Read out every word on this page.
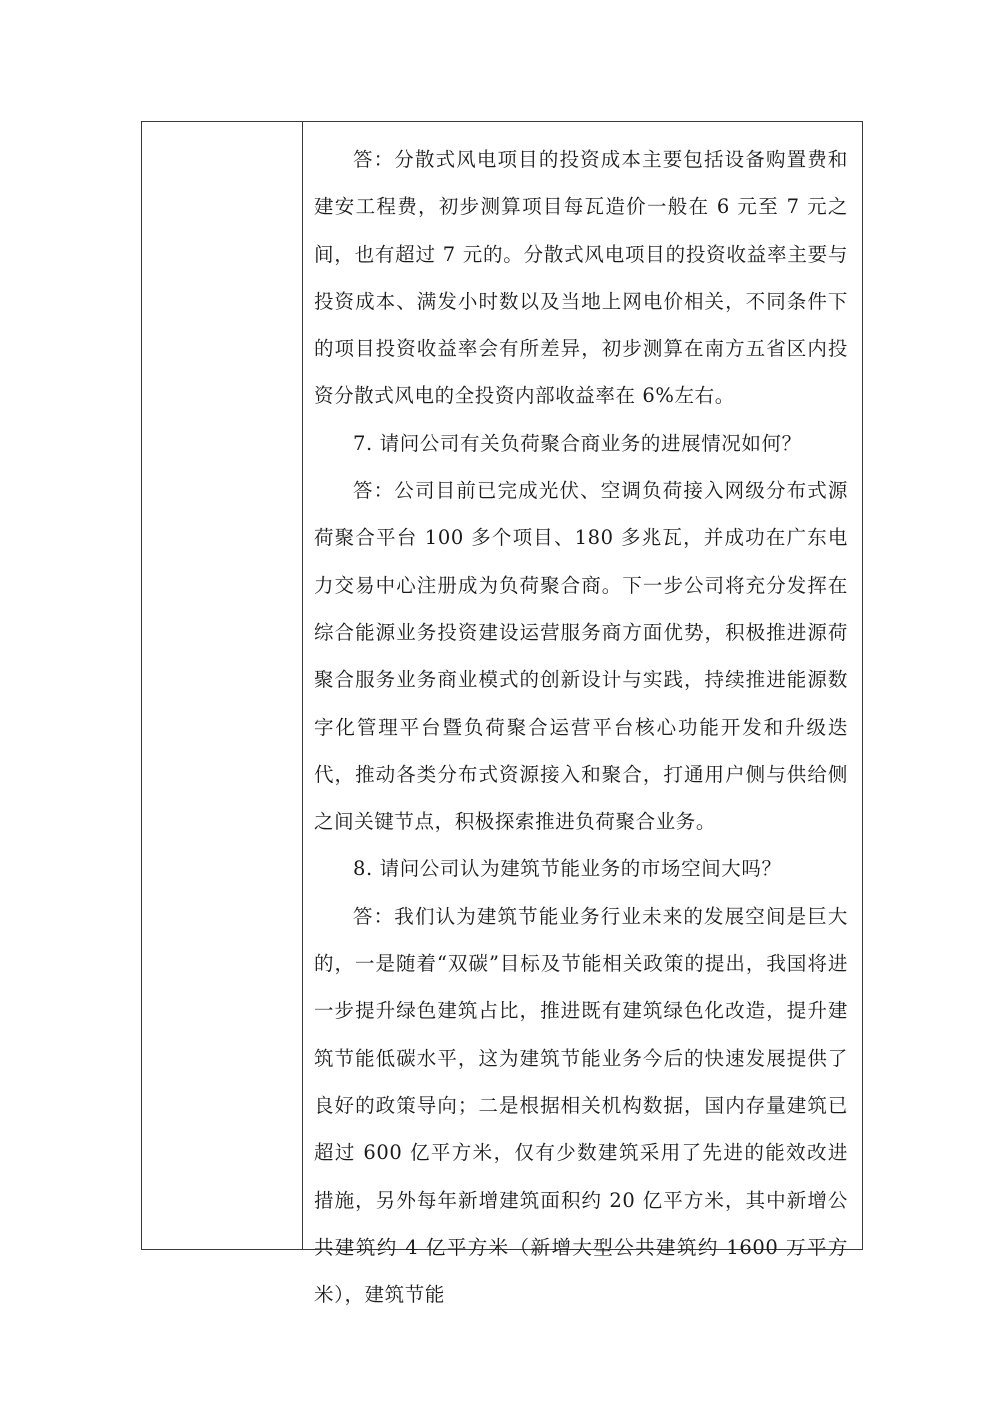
答：分散式风电项目的投资成本主要包括设备购置费和建安工程费，初步测算项目每瓦造价一般在 6 元至 7 元之间，也有超过 7 元的。分散式风电项目的投资收益率主要与投资成本、满发小时数以及当地上网电价相关，不同条件下的项目投资收益率会有所差异，初步测算在南方五省区内投资分散式风电的全投资内部收益率在 6%左右。

7. 请问公司有关负荷聚合商业务的进展情况如何？

答：公司目前已完成光伏、空调负荷接入网级分布式源荷聚合平台 100 多个项目、180 多兆瓦，并成功在广东电力交易中心注册成为负荷聚合商。下一步公司将充分发挥在综合能源业务投资建设运营服务商方面优势，积极推进源荷聚合服务业务商业模式的创新设计与实践，持续推进能源数字化管理平台暨负荷聚合运营平台核心功能开发和升级迭代，推动各类分布式资源接入和聚合，打通用户侧与供给侧之间关键节点，积极探索推进负荷聚合业务。

8. 请问公司认为建筑节能业务的市场空间大吗？

答：我们认为建筑节能业务行业未来的发展空间是巨大的，一是随着“双碳”目标及节能相关政策的提出，我国将进一步提升绿色建筑占比，推进既有建筑绿色化改造，提升建筑节能低碳水平，这为建筑节能业务今后的快速发展提供了良好的政策导向；二是根据相关机构数据，国内存量建筑已超过 600 亿平方米，仅有少数建筑采用了先进的能效改进措施，另外每年新增建筑面积约 20 亿平方米，其中新增公共建筑约 4 亿平方米（新增大型公共建筑约 1600 万平方米），建筑节能
